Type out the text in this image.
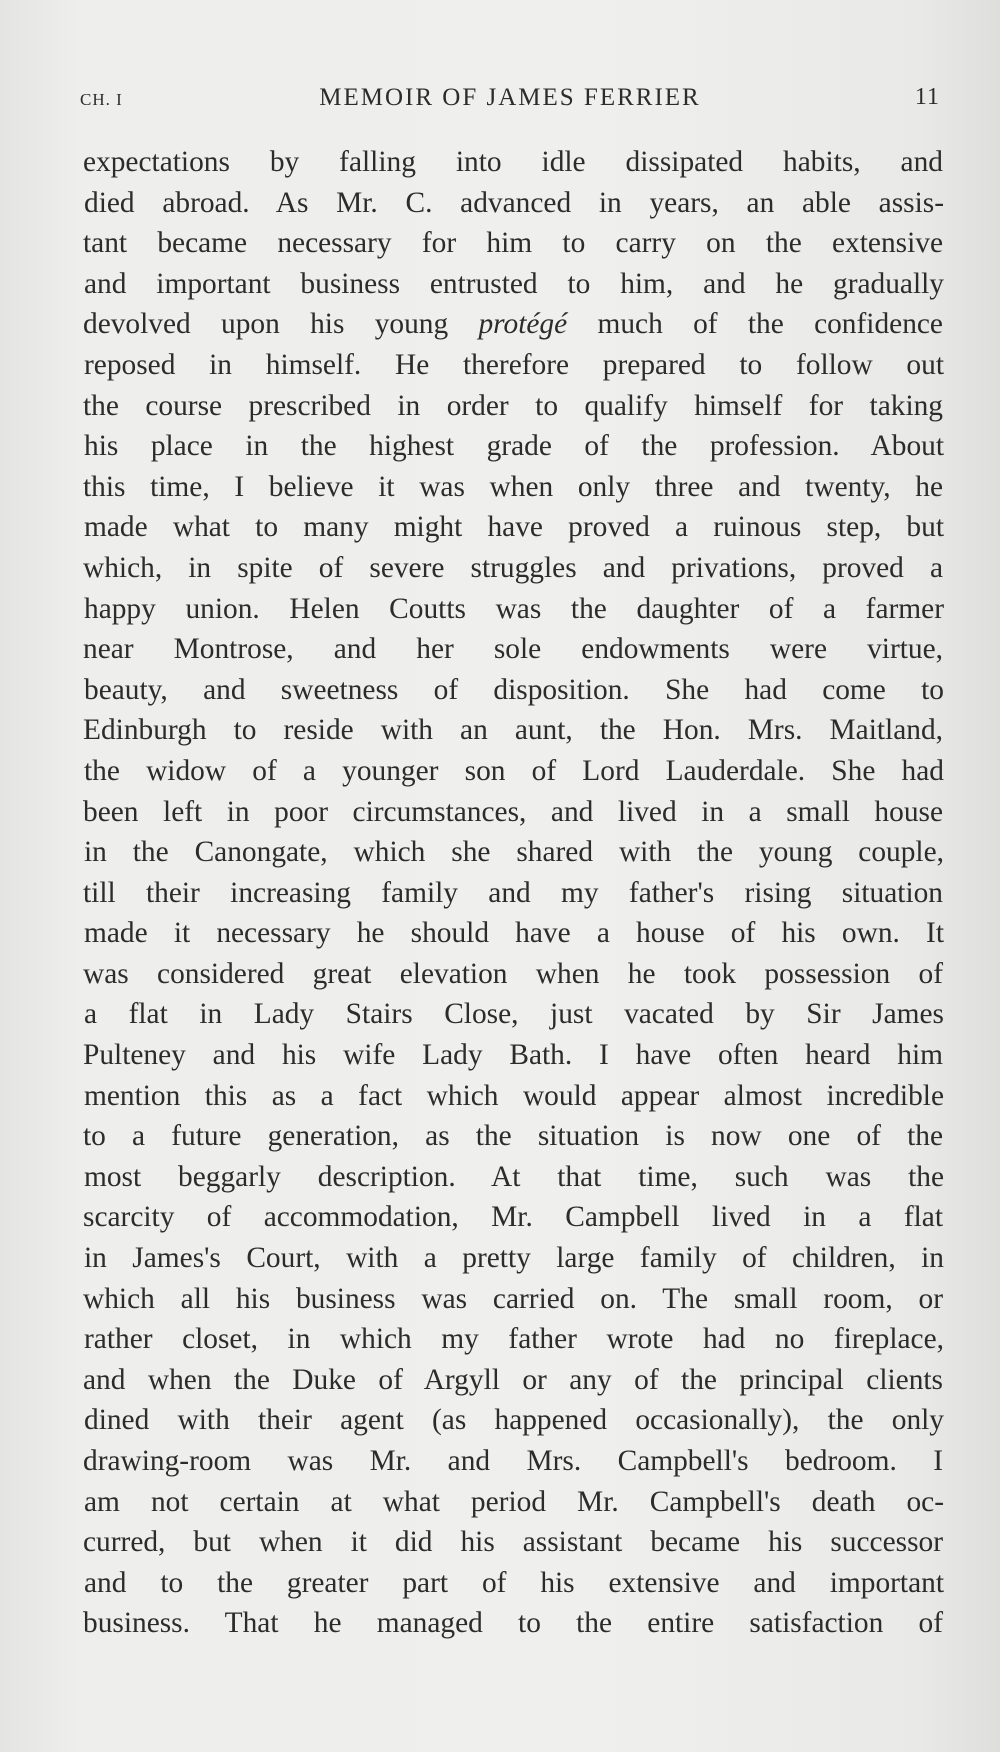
CH. I	MEMOIR OF JAMES FERRIER	11
expectations by falling into idle dissipated habits, and
died abroad. As Mr. C. advanced in years, an able assis-
tant became necessary for him to carry on the extensive
and important business entrusted to him, and he gradually
devolved upon his young protégé much of the confidence
reposed in himself. He therefore prepared to follow out
the course prescribed in order to qualify himself for taking
his place in the highest grade of the profession. About
this time, I believe it was when only three and twenty, he
made what to many might have proved a ruinous step, but
which, in spite of severe struggles and privations, proved a
happy union. Helen Coutts was the daughter of a farmer
near Montrose, and her sole endowments were virtue,
beauty, and sweetness of disposition. She had come to
Edinburgh to reside with an aunt, the Hon. Mrs. Maitland,
the widow of a younger son of Lord Lauderdale. She had
been left in poor circumstances, and lived in a small house
in the Canongate, which she shared with the young couple,
till their increasing family and my father's rising situation
made it necessary he should have a house of his own. It
was considered great elevation when he took possession of
a flat in Lady Stairs Close, just vacated by Sir James
Pulteney and his wife Lady Bath. I have often heard him
mention this as a fact which would appear almost incredible
to a future generation, as the situation is now one of the
most beggarly description. At that time, such was the
scarcity of accommodation, Mr. Campbell lived in a flat
in James's Court, with a pretty large family of children, in
which all his business was carried on. The small room, or
rather closet, in which my father wrote had no fireplace,
and when the Duke of Argyll or any of the principal clients
dined with their agent (as happened occasionally), the only
drawing-room was Mr. and Mrs. Campbell's bedroom. I
am not certain at what period Mr. Campbell's death oc-
curred, but when it did his assistant became his successor
and to the greater part of his extensive and important
business. That he managed to the entire satisfaction of
